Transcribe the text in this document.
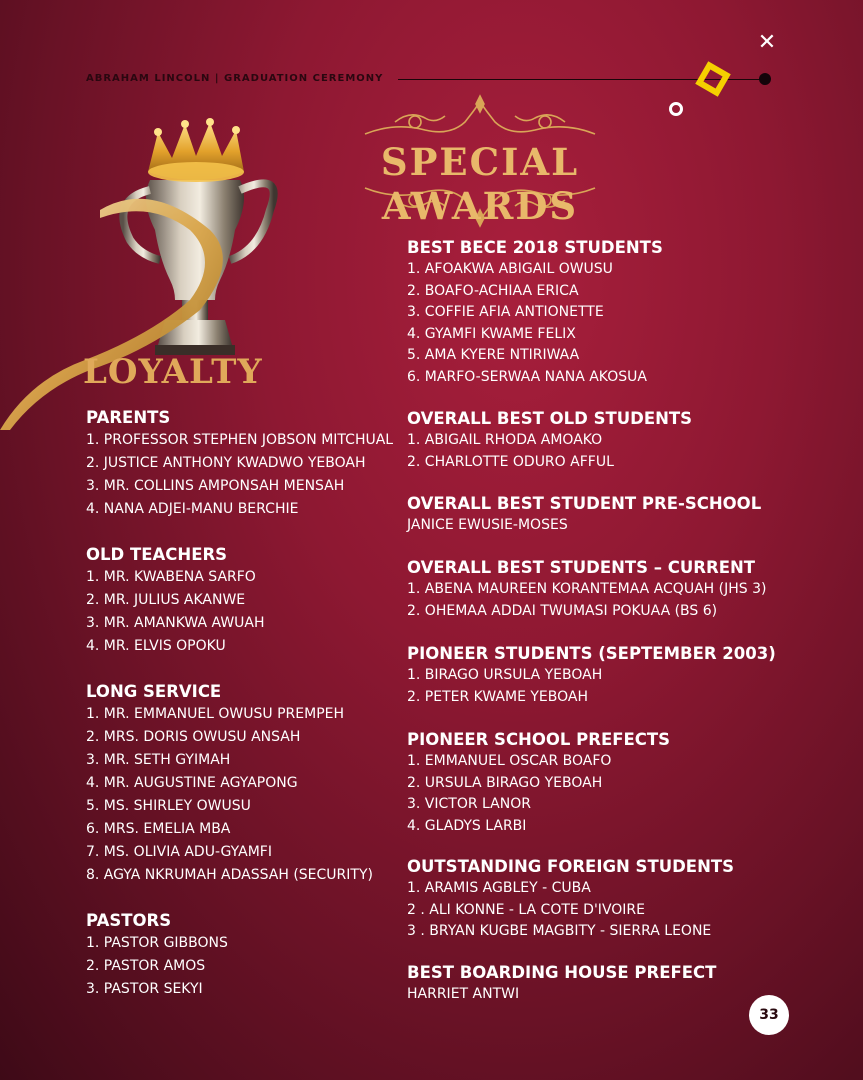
ABRAHAM LINCOLN | GRADUATION CEREMONY
✕
SPECIAL AWARDS
LOYALTY
PARENTS
1. PROFESSOR STEPHEN JOBSON MITCHUAL
2. JUSTICE ANTHONY KWADWO YEBOAH
3. MR. COLLINS AMPONSAH MENSAH
4. NANA ADJEI-MANU BERCHIE
OLD TEACHERS
1. MR. KWABENA SARFO
2. MR. JULIUS AKANWE
3. MR. AMANKWA AWUAH
4. MR. ELVIS OPOKU
LONG SERVICE
1. MR. EMMANUEL OWUSU PREMPEH
2. MRS. DORIS OWUSU ANSAH
3. MR. SETH GYIMAH
4. MR. AUGUSTINE AGYAPONG
5. MS. SHIRLEY OWUSU
6. MRS. EMELIA MBA
7. MS. OLIVIA ADU-GYAMFI
8. AGYA NKRUMAH ADASSAH (SECURITY)
PASTORS
1. PASTOR GIBBONS
2. PASTOR AMOS
3. PASTOR SEKYI
BEST BECE 2018 STUDENTS
1. AFOAKWA ABIGAIL OWUSU
2. BOAFO-ACHIAA ERICA
3. COFFIE AFIA ANTIONETTE
4. GYAMFI KWAME FELIX
5. AMA KYERE NTIRIWAA
6. MARFO-SERWAA NANA AKOSUA
OVERALL BEST OLD STUDENTS
1. ABIGAIL RHODA AMOAKO
2. CHARLOTTE ODURO AFFUL
OVERALL BEST STUDENT PRE-SCHOOL
JANICE EWUSIE-MOSES
OVERALL BEST STUDENTS – CURRENT
1. ABENA MAUREEN KORANTEMAA ACQUAH (JHS 3)
2. OHEMAA ADDAI TWUMASI POKUAA (BS 6)
PIONEER STUDENTS (SEPTEMBER 2003)
1. BIRAGO URSULA YEBOAH
2. PETER KWAME YEBOAH
PIONEER SCHOOL PREFECTS
1. EMMANUEL OSCAR BOAFO
2. URSULA BIRAGO YEBOAH
3. VICTOR LANOR
4. GLADYS LARBI
OUTSTANDING FOREIGN STUDENTS
1. ARAMIS AGBLEY - CUBA
2 . ALI KONNE - LA COTE D'IVOIRE
3 . BRYAN KUGBE MAGBITY - SIERRA LEONE
BEST BOARDING HOUSE PREFECT
HARRIET ANTWI
33
